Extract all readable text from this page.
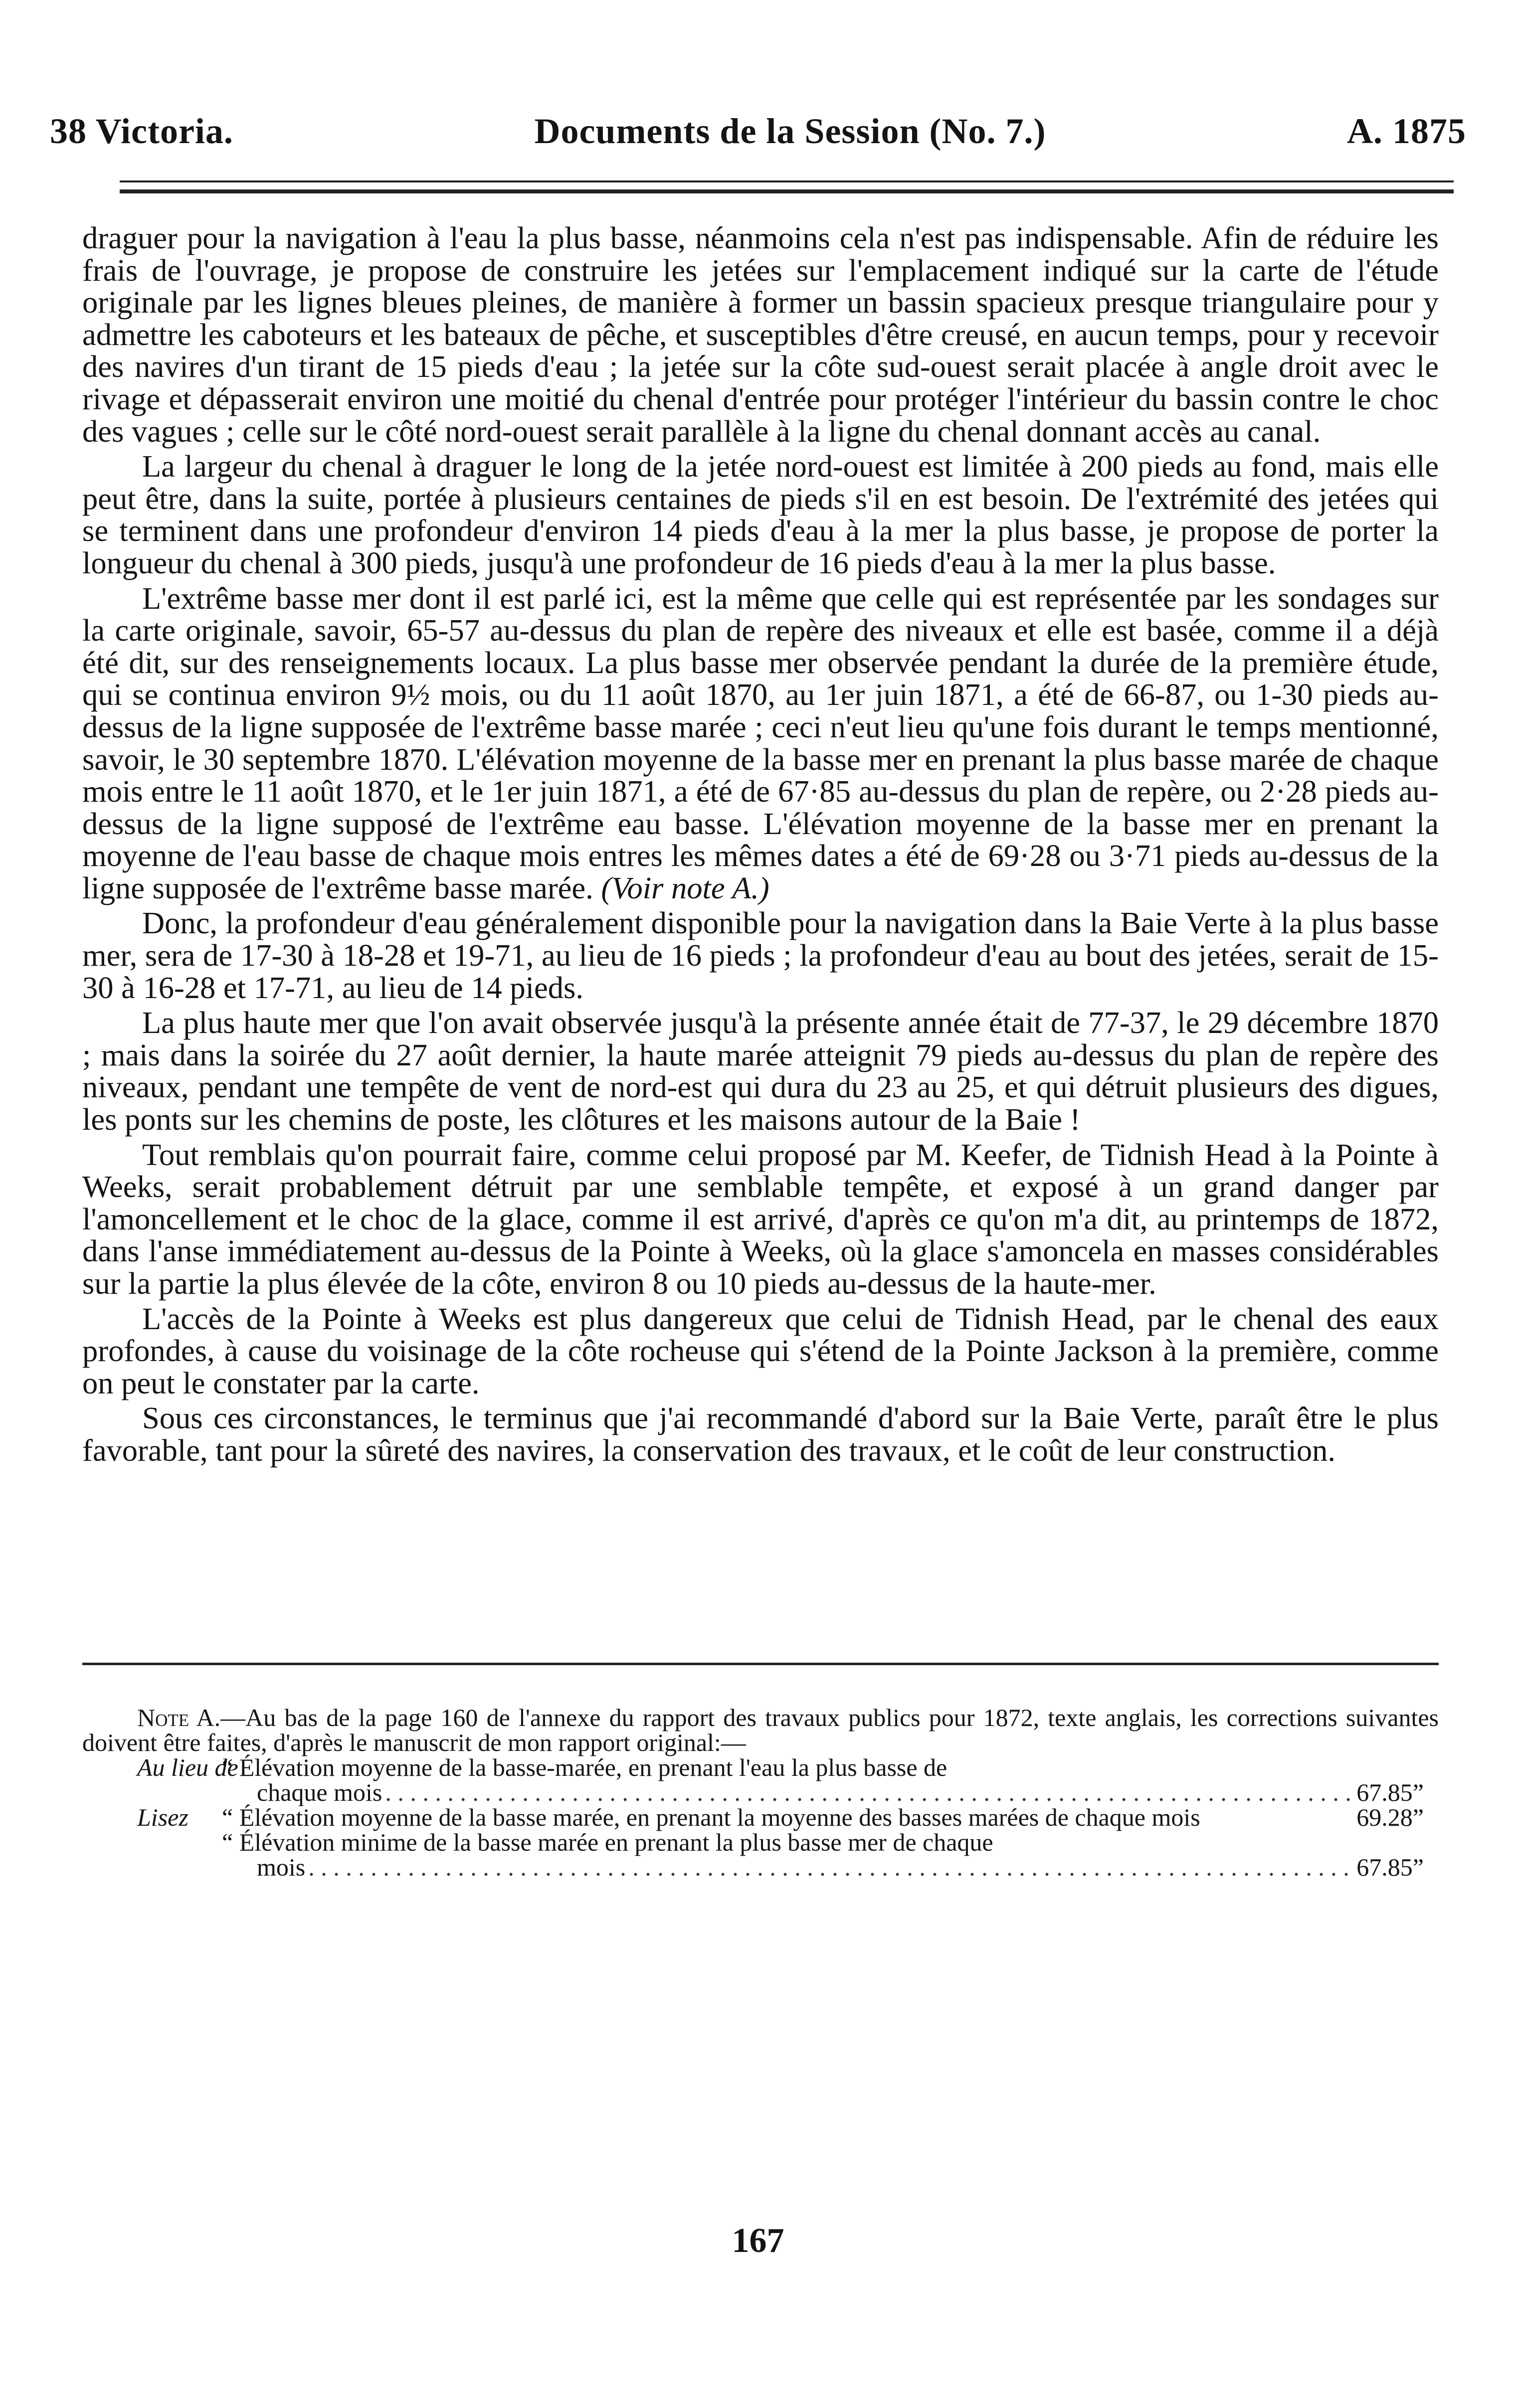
38 Victoria.	Documents de la Session (No. 7.)	A. 1875

draguer pour la navigation à l'eau la plus basse, néanmoins cela n'est pas indispensable. Afin de réduire les frais de l'ouvrage, je propose de construire les jetées sur l'emplacement indiqué sur la carte de l'étude originale par les lignes bleues pleines, de manière à former un bassin spacieux presque triangulaire pour y admettre les caboteurs et les bateaux de pêche, et susceptibles d'être creusé, en aucun temps, pour y recevoir des navires d'un tirant de 15 pieds d'eau ; la jetée sur la côte sud-ouest serait placée à angle droit avec le rivage et dépasserait environ une moitié du chenal d'entrée pour protéger l'intérieur du bassin contre le choc des vagues ; celle sur le côté nord-ouest serait parallèle à la ligne du chenal donnant accès au canal.

La largeur du chenal à draguer le long de la jetée nord-ouest est limitée à 200 pieds au fond, mais elle peut être, dans la suite, portée à plusieurs centaines de pieds s'il en est besoin. De l'extrémité des jetées qui se terminent dans une profondeur d'environ 14 pieds d'eau à la mer la plus basse, je propose de porter la longueur du chenal à 300 pieds, jusqu'à une profondeur de 16 pieds d'eau à la mer la plus basse.

L'extrême basse mer dont il est parlé ici, est la même que celle qui est représentée par les sondages sur la carte originale, savoir, 65-57 au-dessus du plan de repère des niveaux et elle est basée, comme il a déjà été dit, sur des renseignements locaux. La plus basse mer observée pendant la durée de la première étude, qui se continua environ 9½ mois, ou du 11 août 1870, au 1er juin 1871, a été de 66-87, ou 1-30 pieds au-dessus de la ligne supposée de l'extrême basse marée ; ceci n'eut lieu qu'une fois durant le temps mentionné, savoir, le 30 septembre 1870. L'élévation moyenne de la basse mer en prenant la plus basse marée de chaque mois entre le 11 août 1870, et le 1er juin 1871, a été de 67·85 au-dessus du plan de repère, ou 2·28 pieds au-dessus de la ligne supposé de l'extrême eau basse. L'élévation moyenne de la basse mer en prenant la moyenne de l'eau basse de chaque mois entres les mêmes dates a été de 69·28 ou 3·71 pieds au-dessus de la ligne supposée de l'extrême basse marée. (Voir note A.)

Donc, la profondeur d'eau généralement disponible pour la navigation dans la Baie Verte à la plus basse mer, sera de 17-30 à 18-28 et 19-71, au lieu de 16 pieds ; la profondeur d'eau au bout des jetées, serait de 15-30 à 16-28 et 17-71, au lieu de 14 pieds.

La plus haute mer que l'on avait observée jusqu'à la présente année était de 77-37, le 29 décembre 1870 ; mais dans la soirée du 27 août dernier, la haute marée atteignit 79 pieds au-dessus du plan de repère des niveaux, pendant une tempête de vent de nord-est qui dura du 23 au 25, et qui détruit plusieurs des digues, les ponts sur les chemins de poste, les clôtures et les maisons autour de la Baie !

Tout remblais qu'on pourrait faire, comme celui proposé par M. Keefer, de Tidnish Head à la Pointe à Weeks, serait probablement détruit par une semblable tempête, et exposé à un grand danger par l'amoncellement et le choc de la glace, comme il est arrivé, d'après ce qu'on m'a dit, au printemps de 1872, dans l'anse immédiatement au-dessus de la Pointe à Weeks, où la glace s'amoncela en masses considérables sur la partie la plus élevée de la côte, environ 8 ou 10 pieds au-dessus de la haute-mer.

L'accès de la Pointe à Weeks est plus dangereux que celui de Tidnish Head, par le chenal des eaux profondes, à cause du voisinage de la côte rocheuse qui s'étend de la Pointe Jackson à la première, comme on peut le constater par la carte.

Sous ces circonstances, le terminus que j'ai recommandé d'abord sur la Baie Verte, paraît être le plus favorable, tant pour la sûreté des navires, la conservation des travaux, et le coût de leur construction.

Note A.—Au bas de la page 160 de l'annexe du rapport des travaux publics pour 1872, texte anglais, les corrections suivantes doivent être faites, d'après le manuscrit de mon rapport original:—

Au lieu de
“ Élévation moyenne de la basse-marée, en prenant l'eau la plus basse de
chaque mois . . .	67.85”
Lisez “ Élévation moyenne de la basse marée, en prenant la moyenne des basses marées de chaque mois	69.28”
“ Élévation minime de la basse marée en prenant la plus basse mer de chaque
mois . . .	67.85”
167
